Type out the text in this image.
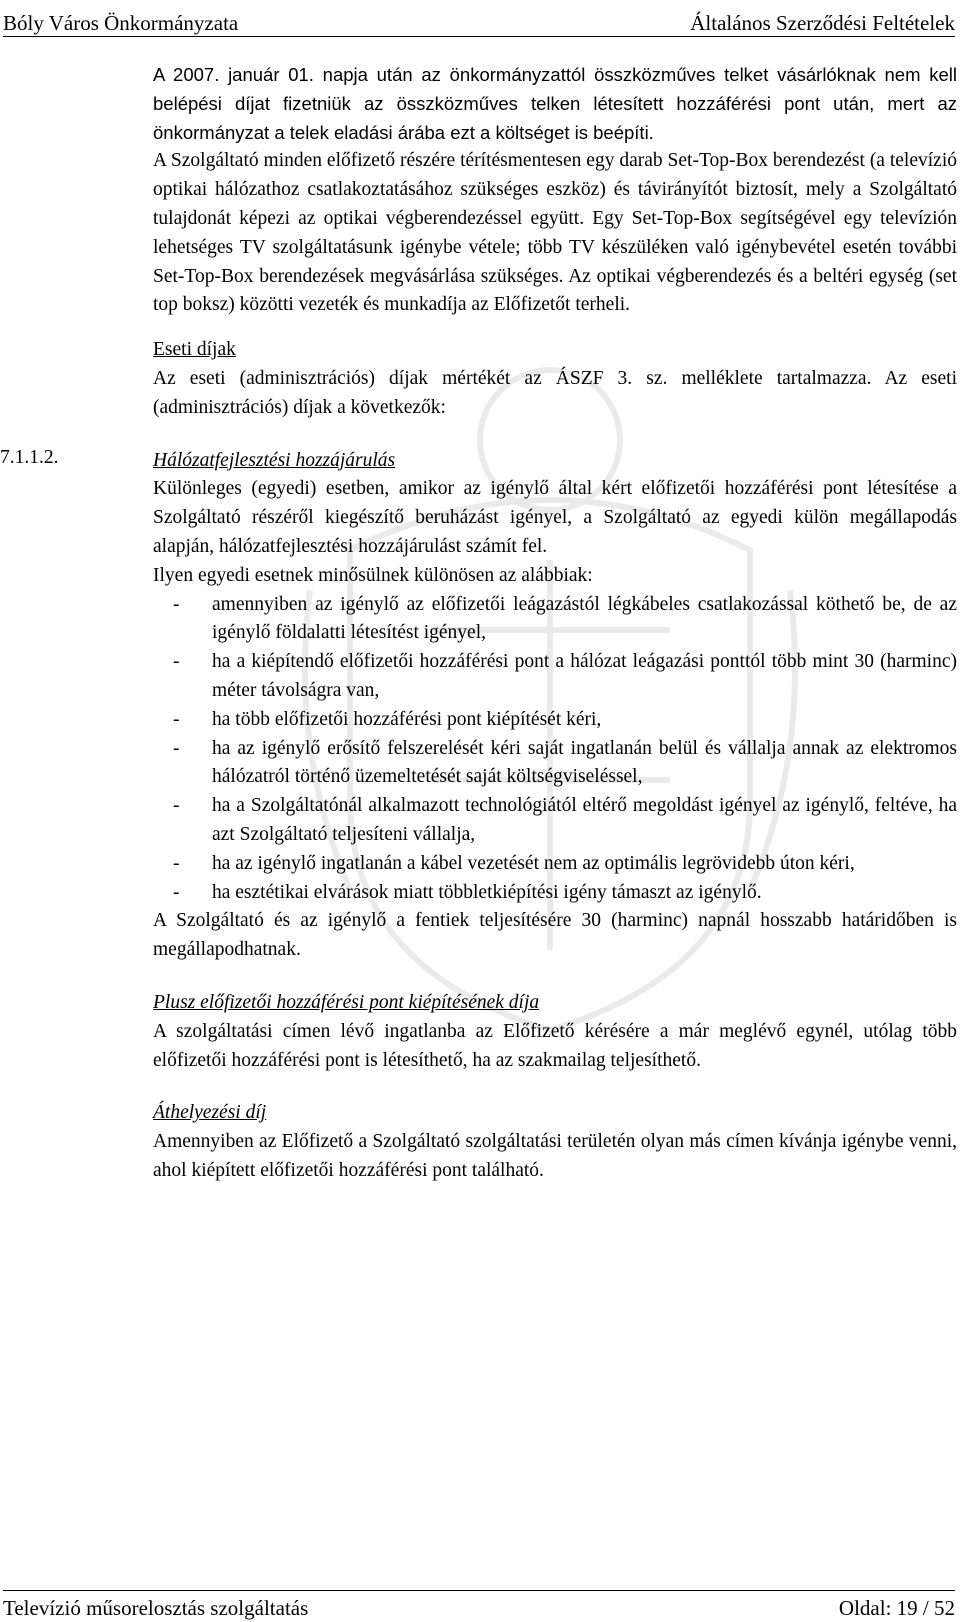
Bóly Város Önkormányzata	Általános Szerződési Feltételek
7.1.1.2.

A 2007. január 01. napja után az önkormányzattól összközműves telket vásárlóknak nem kell belépési díjat fizetniük az összközműves telken létesített hozzáférési pont után, mert az önkormányzat a telek eladási árába ezt a költséget is beépíti.

A Szolgáltató minden előfizető részére térítésmentesen egy darab Set-Top-Box berendezést (a televízió optikai hálózathoz csatlakoztatásához szükséges eszköz) és távirányítót biztosít, mely a Szolgáltató tulajdonát képezi az optikai végberendezéssel együtt. Egy Set-Top-Box segítségével egy televízión lehetséges TV szolgáltatásunk igénybe vétele; több TV készüléken való igénybevétel esetén további Set-Top-Box berendezések megvásárlása szükséges. Az optikai végberendezés és a beltéri egység (set top boksz) közötti vezeték és munkadíja az Előfizetőt terheli.

Eseti díjak

Az eseti (adminisztrációs) díjak mértékét az ÁSZF 3. sz. melléklete tartalmazza. Az eseti (adminisztrációs) díjak a következők:

Hálózatfejlesztési hozzájárulás

Különleges (egyedi) esetben, amikor az igénylő által kért előfizetői hozzáférési pont létesítése a Szolgáltató részéről kiegészítő beruházást igényel, a Szolgáltató az egyedi külön megállapodás alapján, hálózatfejlesztési hozzájárulást számít fel.

Ilyen egyedi esetnek minősülnek különösen az alábbiak:

- amennyiben az igénylő az előfizetői leágazástól légkábeles csatlakozással köthető be, de az igénylő földalatti létesítést igényel,
- ha a kiépítendő előfizetői hozzáférési pont a hálózat leágazási ponttól több mint 30 (harminc) méter távolságra van,
- ha több előfizetői hozzáférési pont kiépítését kéri,
- ha az igénylő erősítő felszerelését kéri saját ingatlanán belül és vállalja annak az elektromos hálózatról történő üzemeltetését saját költségviseléssel,
- ha a Szolgáltatónál alkalmazott technológiától eltérő megoldást igényel az igénylő, feltéve, ha azt Szolgáltató teljesíteni vállalja,
- ha az igénylő ingatlanán a kábel vezetését nem az optimális legrövidebb úton kéri,
- ha esztétikai elvárások miatt többletkiépítési igény támaszt az igénylő.

A Szolgáltató és az igénylő a fentiek teljesítésére 30 (harminc) napnál hosszabb határidőben is megállapodhatnak.

Plusz előfizetői hozzáférési pont kiépítésének díja

A szolgáltatási címen lévő ingatlanba az Előfizető kérésére a már meglévő egynél, utólag több előfizetői hozzáférési pont is létesíthető, ha az szakmailag teljesíthető.

Áthelyezési díj

Amennyiben az Előfizető a Szolgáltató szolgáltatási területén olyan más címen kívánja igénybe venni, ahol kiépített előfizetői hozzáférési pont található.

Televízió műsorelosztás szolgáltatás	Oldal: 19 / 52
